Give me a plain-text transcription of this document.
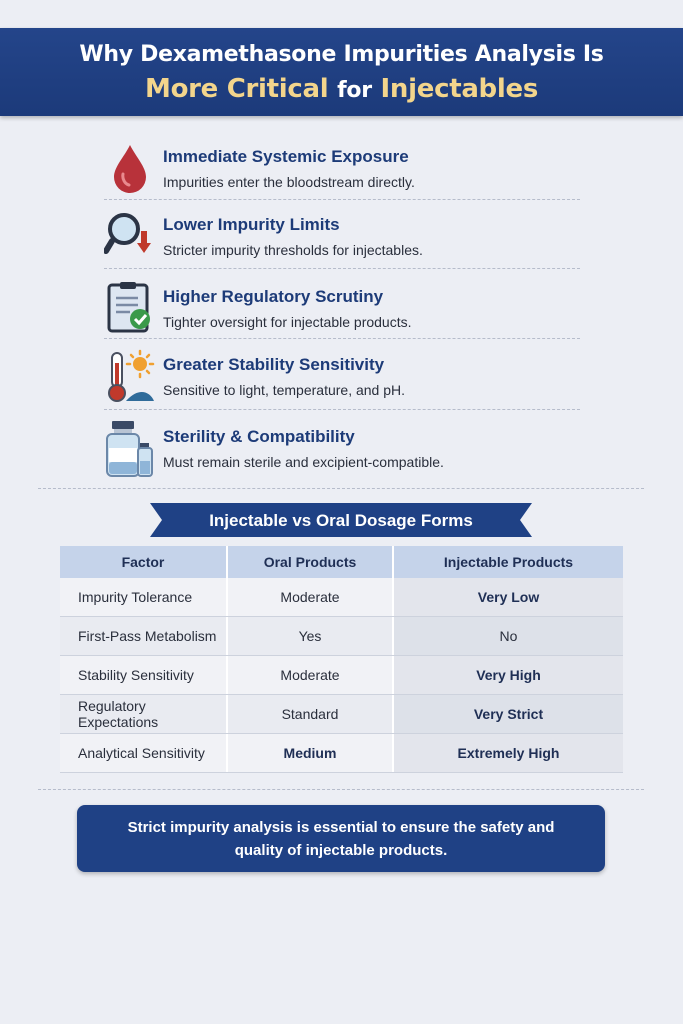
Why Dexamethasone Impurities Analysis Is
More Critical for Injectables
Immediate Systemic Exposure
Impurities enter the bloodstream directly.
Lower Impurity Limits
Stricter impurity thresholds for injectables.
Higher Regulatory Scrutiny
Tighter oversight for injectable products.
Greater Stability Sensitivity
Sensitive to light, temperature, and pH.
Sterility & Compatibility
Must remain sterile and excipient-compatible.
Injectable vs Oral Dosage Forms
Factor	Oral Products	Injectable Products
Impurity Tolerance	Moderate	Very Low
First-Pass Metabolism	Yes	No
Stability Sensitivity	Moderate	Very High
Regulatory Expectations	Standard	Very Strict
Analytical Sensitivity	Medium	Extremely High
Strict impurity analysis is essential to ensure the safety and
quality of injectable products.
